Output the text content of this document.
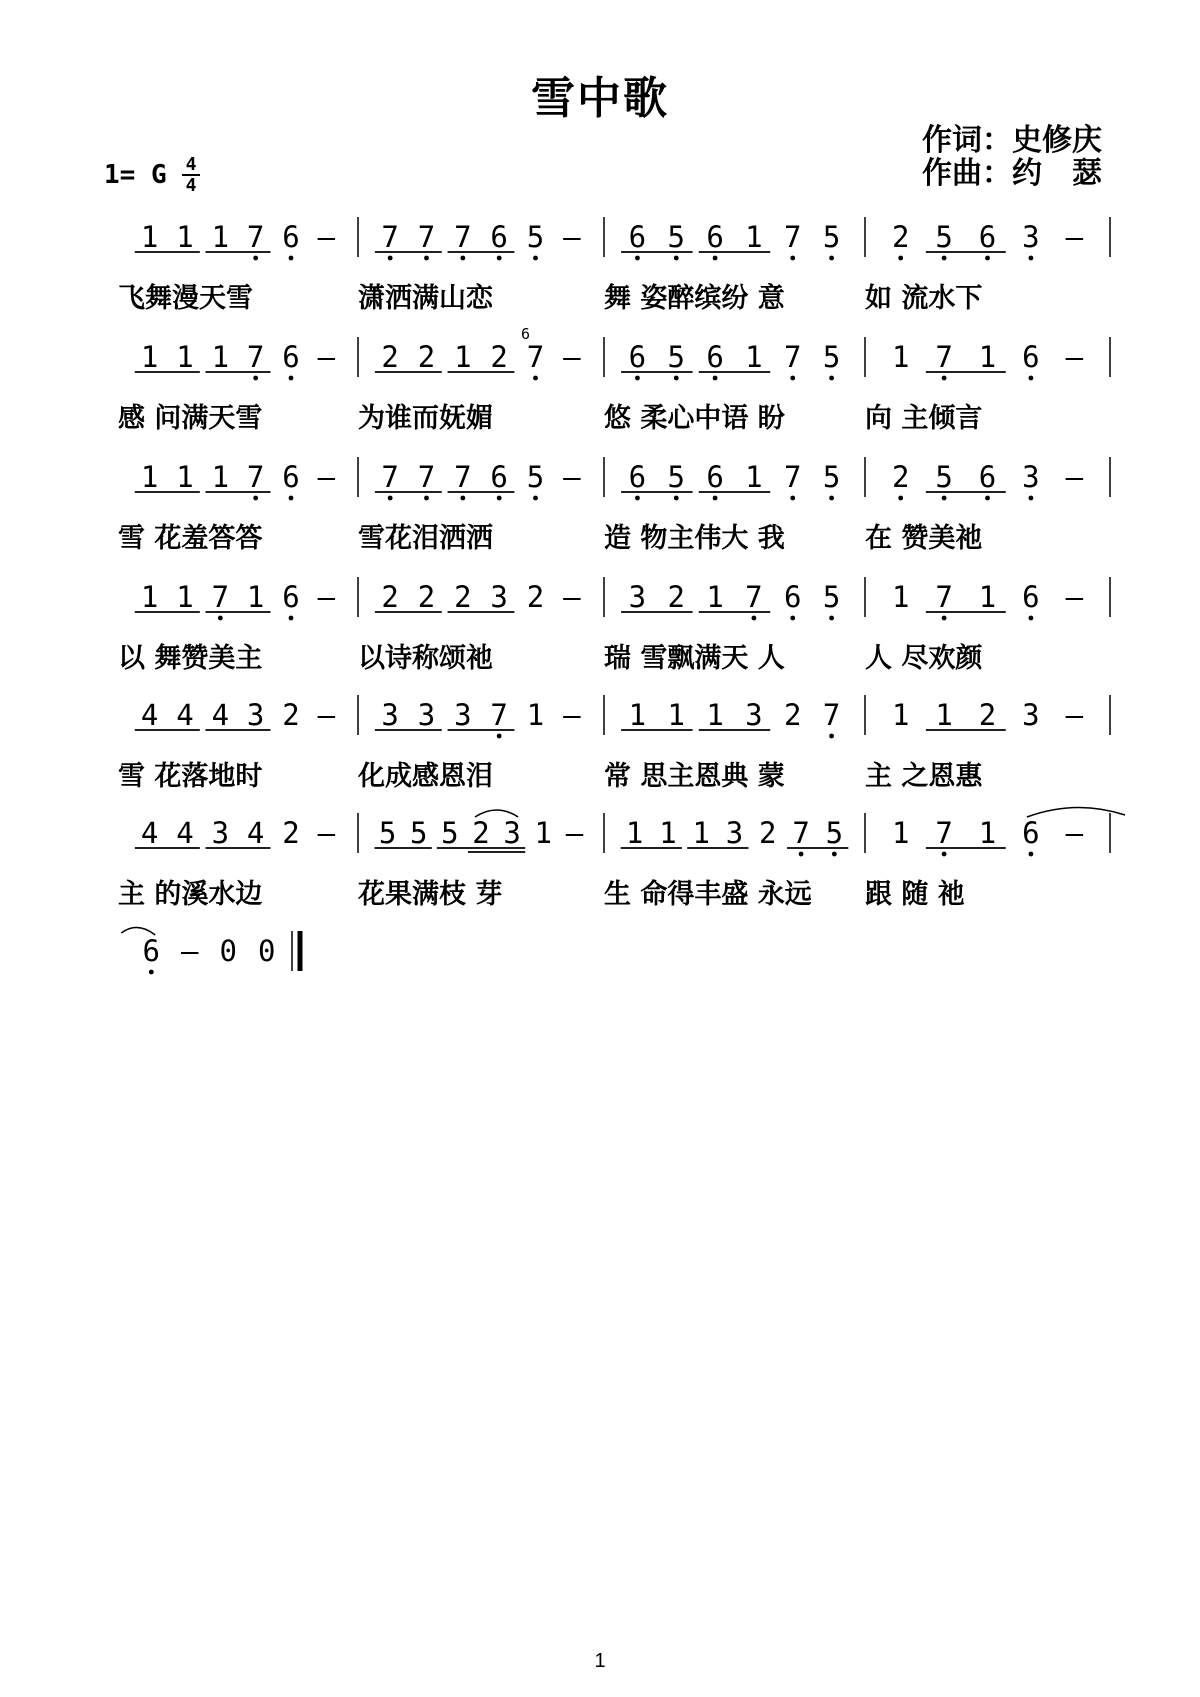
雪中歌
作词：史修庆
作曲：约　瑟
1= G	4
4
1 1 1 7 6 –
飞舞漫天雪
7 7 7 6 5 –
潇洒满山恋
6 5 6 1 7 5
舞 姿醉缤纷 意
2 5 6 3 –
如 流水下
1 1 1 7 6 –
感 问满天雪
2 2 1 2 7
6
–
为谁而妩媚
6 5 6 1 7 5
悠 柔心中语 盼
1 7 1 6 –
向 主倾言
1 1 1 7 6 –
雪 花羞答答
7 7 7 6 5 –
雪花泪洒洒
6 5 6 1 7 5
造 物主伟大 我
2 5 6 3 –
在 赞美祂
1 1 7 1 6 –
以 舞赞美主
2 2 2 3 2 –
以诗称颂祂
3 2 1 7 6 5
瑞 雪飘满天 人
1 7 1 6 –
人 尽欢颜
4 4 4 3 2 –
雪 花落地时
3 3 3 7 1 –
化成感恩泪
1 1 1 3 2 7
常 思主恩典 蒙
1 1 2 3 –
主 之恩惠
4 4 3 4 2 –
主 的溪水边
5 5 5 2 3 1 –
花果满枝 芽
1 1 1 3 2 7 5
生 命得丰盛 永远
1 7 1 6 –
跟 随 祂
6 – 0 0
1
